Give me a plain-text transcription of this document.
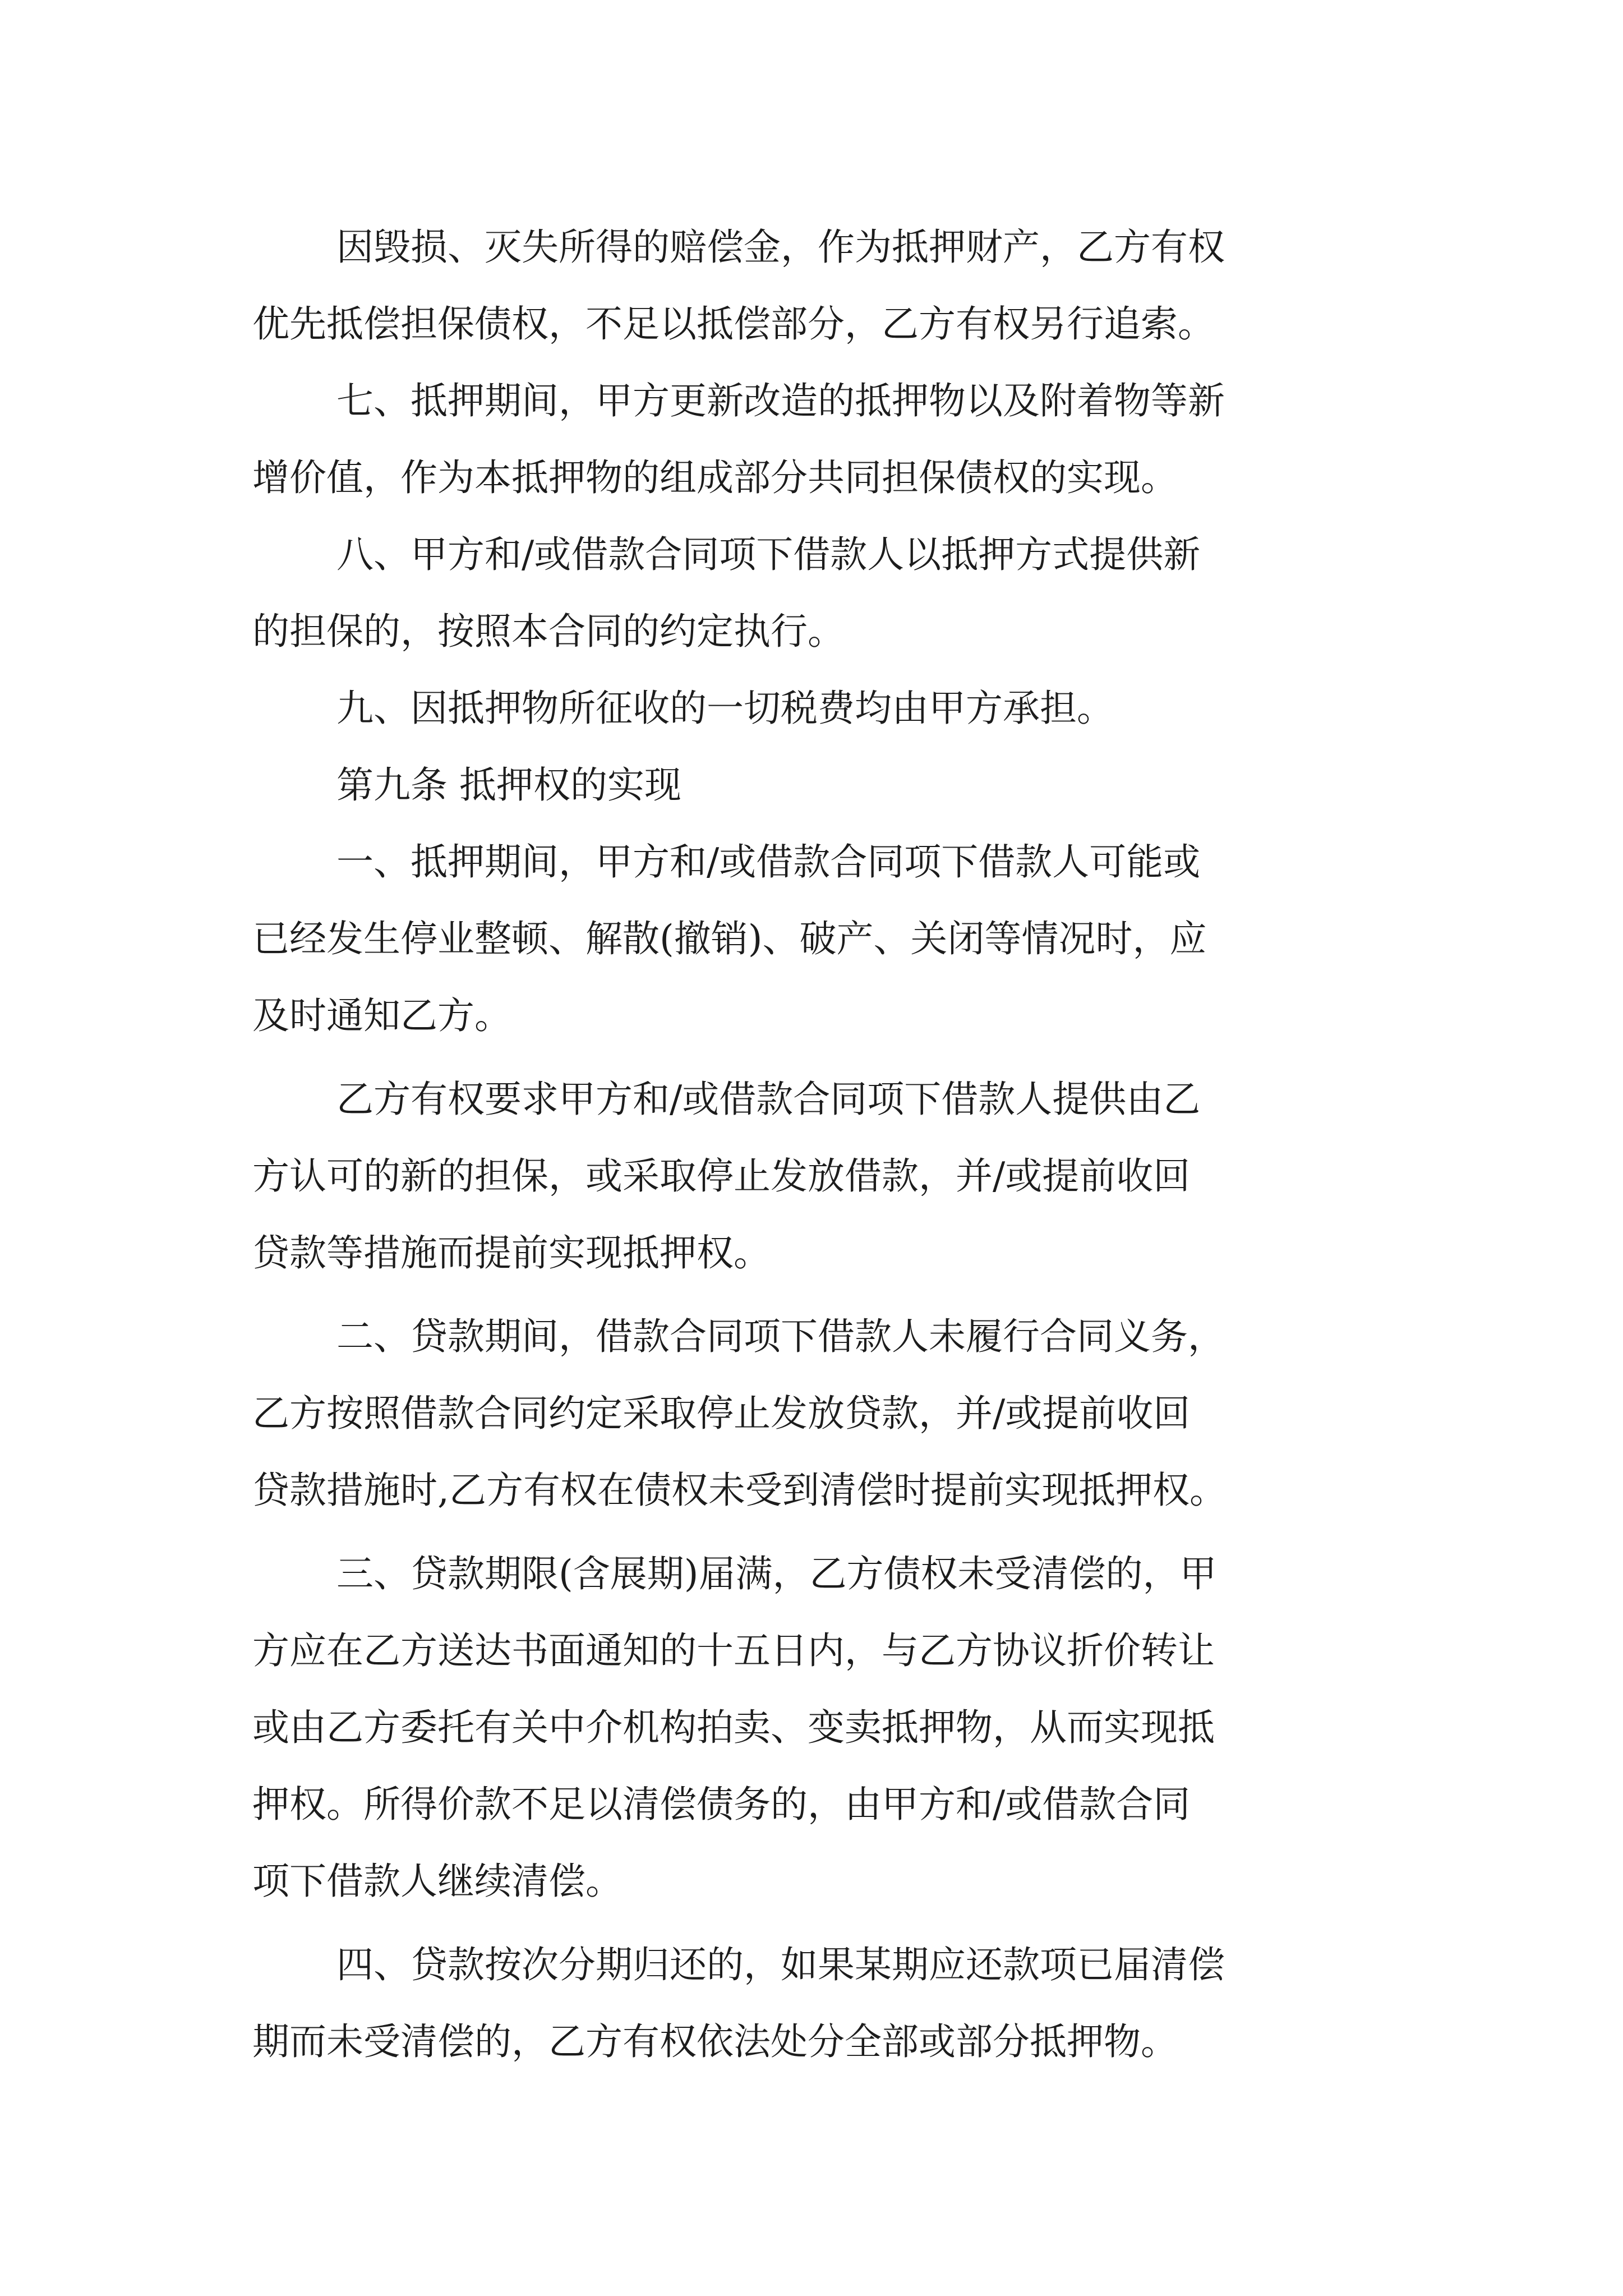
因毁损、灭失所得的赔偿金，作为抵押财产，乙方有权
优先抵偿担保债权，不足以抵偿部分，乙方有权另行追索。
七、抵押期间，甲方更新改造的抵押物以及附着物等新
增价值，作为本抵押物的组成部分共同担保债权的实现。
八、甲方和/或借款合同项下借款人以抵押方式提供新
的担保的，按照本合同的约定执行。
九、因抵押物所征收的一切税费均由甲方承担。
第九条 抵押权的实现
一、抵押期间，甲方和/或借款合同项下借款人可能或
已经发生停业整顿、解散(撤销)、破产、关闭等情况时，应
及时通知乙方。
乙方有权要求甲方和/或借款合同项下借款人提供由乙
方认可的新的担保，或采取停止发放借款，并/或提前收回
贷款等措施而提前实现抵押权。
二、贷款期间，借款合同项下借款人未履行合同义务，
乙方按照借款合同约定采取停止发放贷款，并/或提前收回
贷款措施时,乙方有权在债权未受到清偿时提前实现抵押权。
三、贷款期限(含展期)届满，乙方债权未受清偿的，甲
方应在乙方送达书面通知的十五日内，与乙方协议折价转让
或由乙方委托有关中介机构拍卖、变卖抵押物，从而实现抵
押权。所得价款不足以清偿债务的，由甲方和/或借款合同
项下借款人继续清偿。
四、贷款按次分期归还的，如果某期应还款项已届清偿
期而未受清偿的，乙方有权依法处分全部或部分抵押物。
